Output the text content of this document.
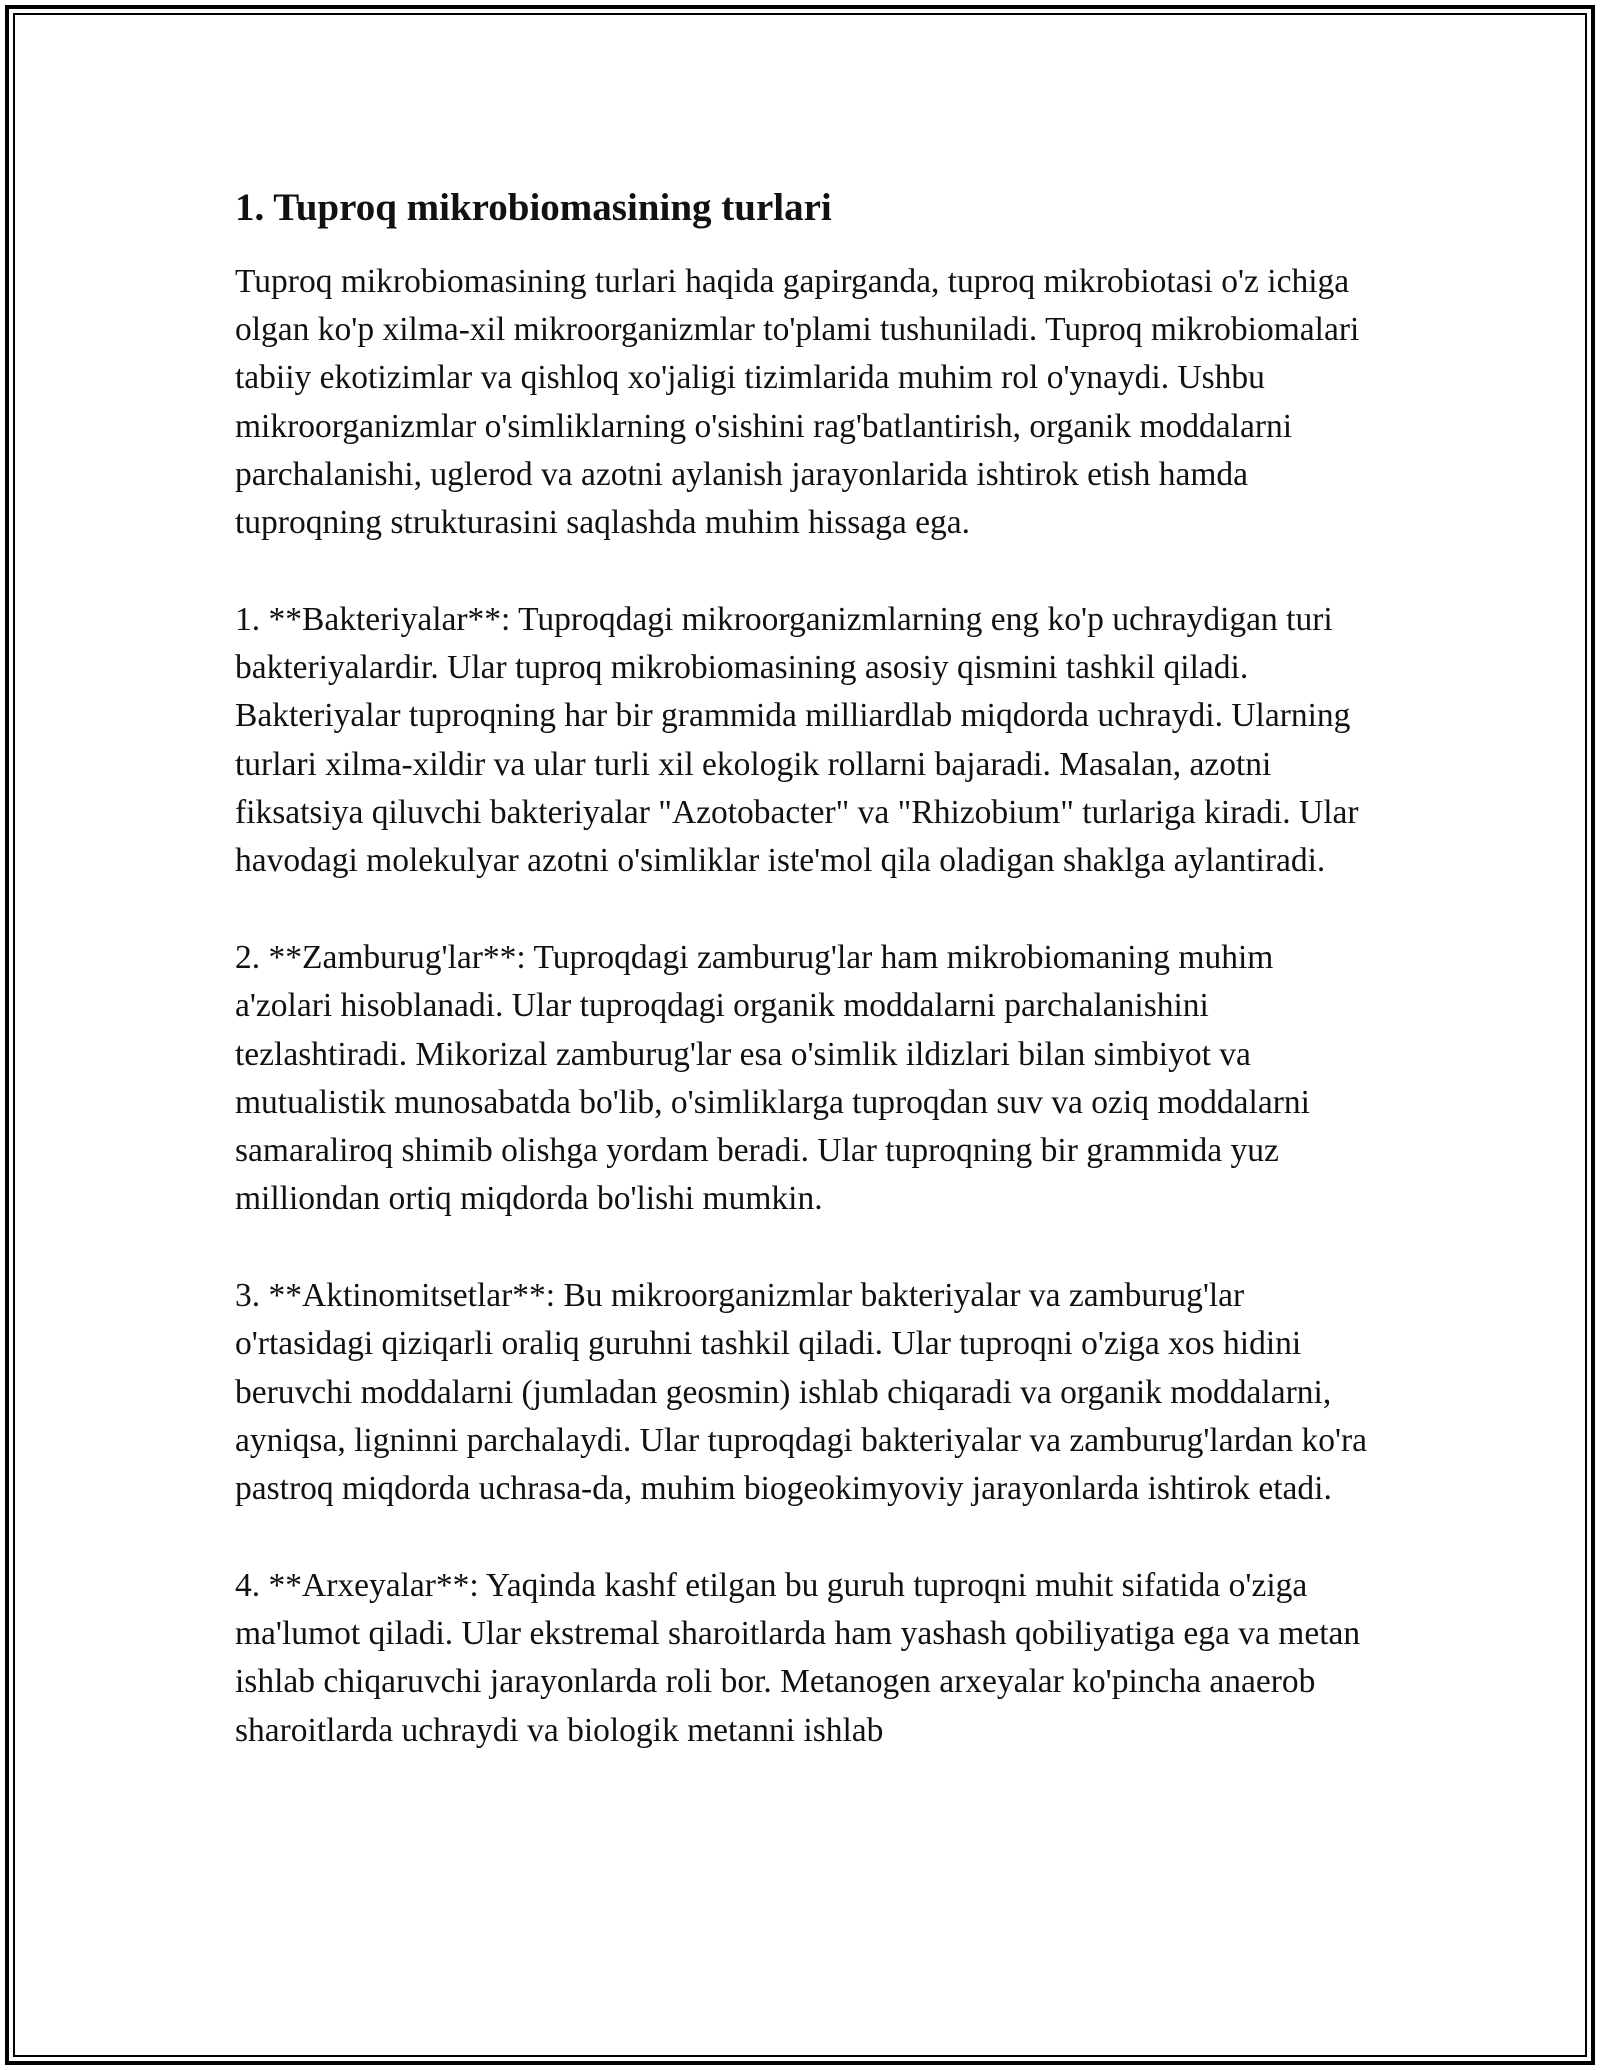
1. Tuproq mikrobiomasining turlari

Tuproq mikrobiomasining turlari haqida gapirganda, tuproq mikrobiotasi o'z ichiga olgan ko'p xilma-xil mikroorganizmlar to'plami tushuniladi. Tuproq mikrobiomalari tabiiy ekotizimlar va qishloq xo'jaligi tizimlarida muhim rol o'ynaydi. Ushbu mikroorganizmlar o'simliklarning o'sishini rag'batlantirish, organik moddalarni parchalanishi, uglerod va azotni aylanish jarayonlarida ishtirok etish hamda tuproqning strukturasini saqlashda muhim hissaga ega.

1. **Bakteriyalar**: Tuproqdagi mikroorganizmlarning eng ko'p uchraydigan turi bakteriyalardir. Ular tuproq mikrobiomasining asosiy qismini tashkil qiladi. Bakteriyalar tuproqning har bir grammida milliardlab miqdorda uchraydi. Ularning turlari xilma-xildir va ular turli xil ekologik rollarni bajaradi. Masalan, azotni fiksatsiya qiluvchi bakteriyalar "Azotobacter" va "Rhizobium" turlariga kiradi. Ular havodagi molekulyar azotni o'simliklar iste'mol qila oladigan shaklga aylantiradi.

2. **Zamburug'lar**: Tuproqdagi zamburug'lar ham mikrobiomaning muhim a'zolari hisoblanadi. Ular tuproqdagi organik moddalarni parchalanishini tezlashtiradi. Mikorizal zamburug'lar esa o'simlik ildizlari bilan simbiyot va mutualistik munosabatda bo'lib, o'simliklarga tuproqdan suv va oziq moddalarni samaraliroq shimib olishga yordam beradi. Ular tuproqning bir grammida yuz milliondan ortiq miqdorda bo'lishi mumkin.

3. **Aktinomitsetlar**: Bu mikroorganizmlar bakteriyalar va zamburug'lar o'rtasidagi qiziqarli oraliq guruhni tashkil qiladi. Ular tuproqni o'ziga xos hidini beruvchi moddalarni (jumladan geosmin) ishlab chiqaradi va organik moddalarni, ayniqsa, ligninni parchalaydi. Ular tuproqdagi bakteriyalar va zamburug'lardan ko'ra pastroq miqdorda uchrasa-da, muhim biogeokimyoviy jarayonlarda ishtirok etadi.

4. **Arxeyalar**: Yaqinda kashf etilgan bu guruh tuproqni muhit sifatida o'ziga ma'lumot qiladi. Ular ekstremal sharoitlarda ham yashash qobiliyatiga ega va metan ishlab chiqaruvchi jarayonlarda roli bor. Metanogen arxeyalar ko'pincha anaerob sharoitlarda uchraydi va biologik metanni ishlab
